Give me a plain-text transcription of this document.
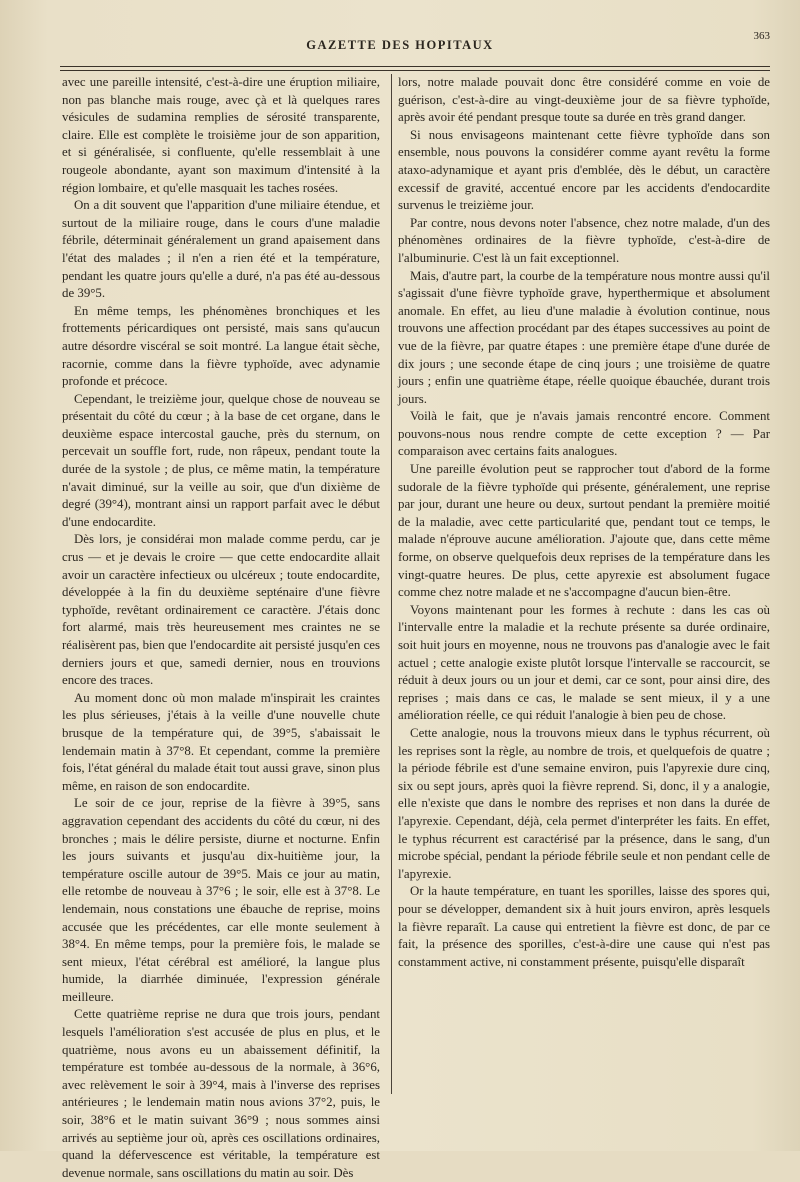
GAZETTE DES HOPITAUX
363

avec une pareille intensité, c'est-à-dire une éruption miliaire, non pas blanche mais rouge, avec çà et là quelques rares vésicules de sudamina remplies de sérosité transparente, claire. Elle est complète le troisième jour de son apparition, et si généralisée, si confluente, qu'elle ressemblait à une rougeole abondante, ayant son maximum d'intensité à la région lombaire, et qu'elle masquait les taches rosées.

On a dit souvent que l'apparition d'une miliaire étendue, et surtout de la miliaire rouge, dans le cours d'une maladie fébrile, déterminait généralement un grand apaisement dans l'état des malades ; il n'en a rien été et la température, pendant les quatre jours qu'elle a duré, n'a pas été au-dessous de 39°5.

En même temps, les phénomènes bronchiques et les frottements péricardiques ont persisté, mais sans qu'aucun autre désordre viscéral se soit montré. La langue était sèche, racornie, comme dans la fièvre typhoïde, avec adynamie profonde et précoce.

Cependant, le treizième jour, quelque chose de nouveau se présentait du côté du cœur ; à la base de cet organe, dans le deuxième espace intercostal gauche, près du sternum, on percevait un souffle fort, rude, non râpeux, pendant toute la durée de la systole ; de plus, ce même matin, la température n'avait diminué, sur la veille au soir, que d'un dixième de degré (39°4), montrant ainsi un rapport parfait avec le début d'une endocardite.

Dès lors, je considérai mon malade comme perdu, car je crus — et je devais le croire — que cette endocardite allait avoir un caractère infectieux ou ulcéreux ; toute endocardite, développée à la fin du deuxième septénaire d'une fièvre typhoïde, revêtant ordinairement ce caractère. J'étais donc fort alarmé, mais très heureusement mes craintes ne se réalisèrent pas, bien que l'endocardite ait persisté jusqu'en ces derniers jours et que, samedi dernier, nous en trouvions encore des traces.

Au moment donc où mon malade m'inspirait les craintes les plus sérieuses, j'étais à la veille d'une nouvelle chute brusque de la température qui, de 39°5, s'abaissait le lendemain matin à 37°8. Et cependant, comme la première fois, l'état général du malade était tout aussi grave, sinon plus même, en raison de son endocardite.

Le soir de ce jour, reprise de la fièvre à 39°5, sans aggravation cependant des accidents du côté du cœur, ni des bronches ; mais le délire persiste, diurne et nocturne. Enfin les jours suivants et jusqu'au dix-huitième jour, la température oscille autour de 39°5. Mais ce jour au matin, elle retombe de nouveau à 37°6 ; le soir, elle est à 37°8. Le lendemain, nous constations une ébauche de reprise, moins accusée que les précédentes, car elle monte seulement à 38°4. En même temps, pour la première fois, le malade se sent mieux, l'état cérébral est amélioré, la langue plus humide, la diarrhée diminuée, l'expression générale meilleure.

Cette quatrième reprise ne dura que trois jours, pendant lesquels l'amélioration s'est accusée de plus en plus, et le quatrième, nous avons eu un abaissement définitif, la température est tombée au-dessous de la normale, à 36°6, avec relèvement le soir à 39°4, mais à l'inverse des reprises antérieures ; le lendemain matin nous avions 37°2, puis, le soir, 38°6 et le matin suivant 36°9 ; nous sommes ainsi arrivés au septième jour où, après ces oscillations ordinaires, quand la défervescence est véritable, la température est devenue normale, sans oscillations du matin au soir. Dès

lors, notre malade pouvait donc être considéré comme en voie de guérison, c'est-à-dire au vingt-deuxième jour de sa fièvre typhoïde, après avoir été pendant presque toute sa durée en très grand danger.

Si nous envisageons maintenant cette fièvre typhoïde dans son ensemble, nous pouvons la considérer comme ayant revêtu la forme ataxo-adynamique et ayant pris d'emblée, dès le début, un caractère excessif de gravité, accentué encore par les accidents d'endocardite survenus le treizième jour.

Par contre, nous devons noter l'absence, chez notre malade, d'un des phénomènes ordinaires de la fièvre typhoïde, c'est-à-dire de l'albuminurie. C'est là un fait exceptionnel.

Mais, d'autre part, la courbe de la température nous montre aussi qu'il s'agissait d'une fièvre typhoïde grave, hyperthermique et absolument anomale. En effet, au lieu d'une maladie à évolution continue, nous trouvons une affection procédant par des étapes successives au point de vue de la fièvre, par quatre étapes : une première étape d'une durée de dix jours ; une seconde étape de cinq jours ; une troisième de quatre jours ; enfin une quatrième étape, réelle quoique ébauchée, durant trois jours.

Voilà le fait, que je n'avais jamais rencontré encore. Comment pouvons-nous nous rendre compte de cette exception ? — Par comparaison avec certains faits analogues.

Une pareille évolution peut se rapprocher tout d'abord de la forme sudorale de la fièvre typhoïde qui présente, généralement, une reprise par jour, durant une heure ou deux, surtout pendant la première moitié de la maladie, avec cette particularité que, pendant tout ce temps, le malade n'éprouve aucune amélioration. J'ajoute que, dans cette même forme, on observe quelquefois deux reprises de la température dans les vingt-quatre heures. De plus, cette apyrexie est absolument fugace comme chez notre malade et ne s'accompagne d'aucun bien-être.

Voyons maintenant pour les formes à rechute : dans les cas où l'intervalle entre la maladie et la rechute présente sa durée ordinaire, soit huit jours en moyenne, nous ne trouvons pas d'analogie avec le fait actuel ; cette analogie existe plutôt lorsque l'intervalle se raccourcit, se réduit à deux jours ou un jour et demi, car ce sont, pour ainsi dire, des reprises ; mais dans ce cas, le malade se sent mieux, il y a une amélioration réelle, ce qui réduit l'analogie à bien peu de chose.

Cette analogie, nous la trouvons mieux dans le typhus récurrent, où les reprises sont la règle, au nombre de trois, et quelquefois de quatre ; la période fébrile est d'une semaine environ, puis l'apyrexie dure cinq, six ou sept jours, après quoi la fièvre reprend. Si, donc, il y a analogie, elle n'existe que dans le nombre des reprises et non dans la durée de l'apyrexie. Cependant, déjà, cela permet d'interpréter les faits. En effet, le typhus récurrent est caractérisé par la présence, dans le sang, d'un microbe spécial, pendant la période fébrile seule et non pendant celle de l'apyrexie.

Or la haute température, en tuant les sporilles, laisse des spores qui, pour se développer, demandent six à huit jours environ, après lesquels la fièvre reparaît. La cause qui entretient la fièvre est donc, de par ce fait, la présence des sporilles, c'est-à-dire une cause qui n'est pas constamment active, ni constamment présente, puisqu'elle disparaît
